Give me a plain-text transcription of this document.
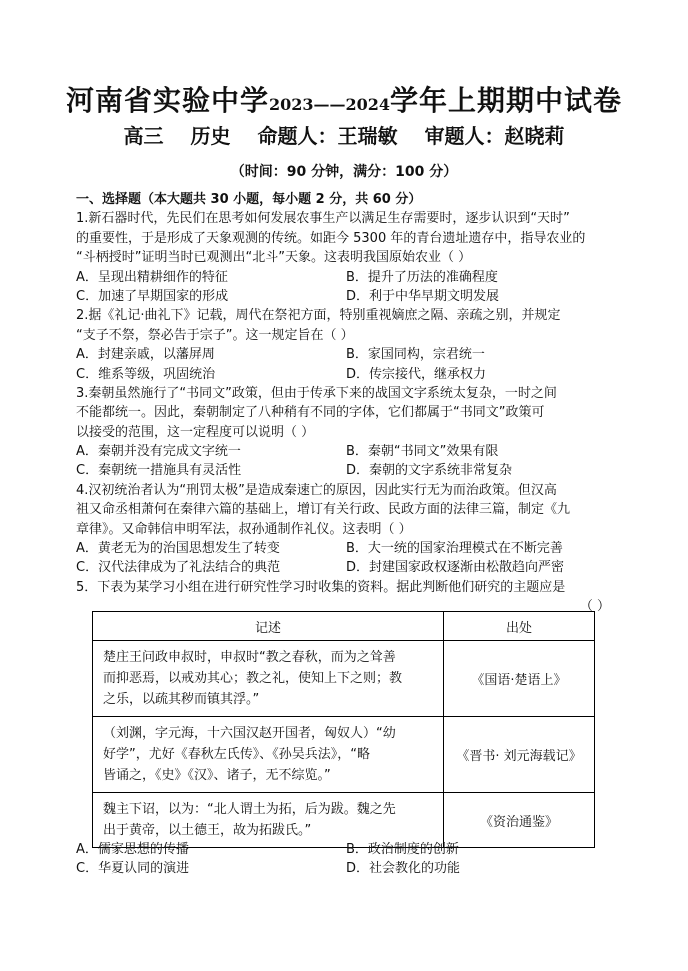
河南省实验中学2023——2024学年上期期中试卷
高三 历史 命题人：王瑞敏 审题人：赵晓莉
（时间：90 分钟，满分：100 分）
一、选择题（本大题共 30 小题，每小题 2 分，共 60 分）
1.新石器时代，先民们在思考如何发展农事生产以满足生存需要时，逐步认识到“天时”
的重要性，于是形成了天象观测的传统。如距今 5300 年的青台遗址遗存中，指导农业的
“斗柄授时”证明当时已观测出“北斗”天象。这表明我国原始农业（ ）
A．呈现出精耕细作的特征	B．提升了历法的准确程度
C．加速了早期国家的形成	D．利于中华早期文明发展
2.据《礼记·曲礼下》记载，周代在祭祀方面，特别重视嫡庶之隔、亲疏之别，并规定
“支子不祭，祭必告于宗子”。这一规定旨在（ ）
A．封建亲戚，以藩屏周	B．家国同构，宗君统一
C．维系等级，巩固统治	D．传宗接代，继承权力
3.秦朝虽然施行了“书同文”政策，但由于传承下来的战国文字系统太复杂，一时之间
不能都统一。因此，秦朝制定了八种稍有不同的字体，它们都属于“书同文”政策可
以接受的范围，这一定程度可以说明（ ）
A．秦朝并没有完成文字统一	B．秦朝“书同文”效果有限
C．秦朝统一措施具有灵活性	D．秦朝的文字系统非常复杂
4.汉初统治者认为“刑罚太极”是造成秦速亡的原因，因此实行无为而治政策。但汉高
祖又命丞相萧何在秦律六篇的基础上，增订有关行政、民政方面的法律三篇，制定《九
章律》。又命韩信申明军法，叔孙通制作礼仪。这表明（ ）
A．黄老无为的治国思想发生了转变	B．大一统的国家治理模式在不断完善
C．汉代法律成为了礼法结合的典范	D．封建国家政权逐渐由松散趋向严密
5．下表为某学习小组在进行研究性学习时收集的资料。据此判断他们研究的主题应是
（ ）
记述	出处

楚庄王问政申叔时，申叔时“教之春秋，而为之耸善
而抑恶焉，以戒劝其心；教之礼，使知上下之则；教
之乐，以疏其秽而镇其浮。”	《国语·楚语上》

（刘渊，字元海，十六国汉赵开国者，匈奴人）“幼
好学”，尤好《春秋左氏传》、《孙吴兵法》，“略
皆诵之，《史》《汉》、诸子，无不综览。”	《晋书· 刘元海载记》

魏主下诏，以为：“北人谓土为拓，后为跋。魏之先
出于黄帝，以土德王，故为拓跋氏。”	《资治通鉴》
A．儒家思想的传播	B．政治制度的创新
C．华夏认同的演进	D．社会教化的功能
